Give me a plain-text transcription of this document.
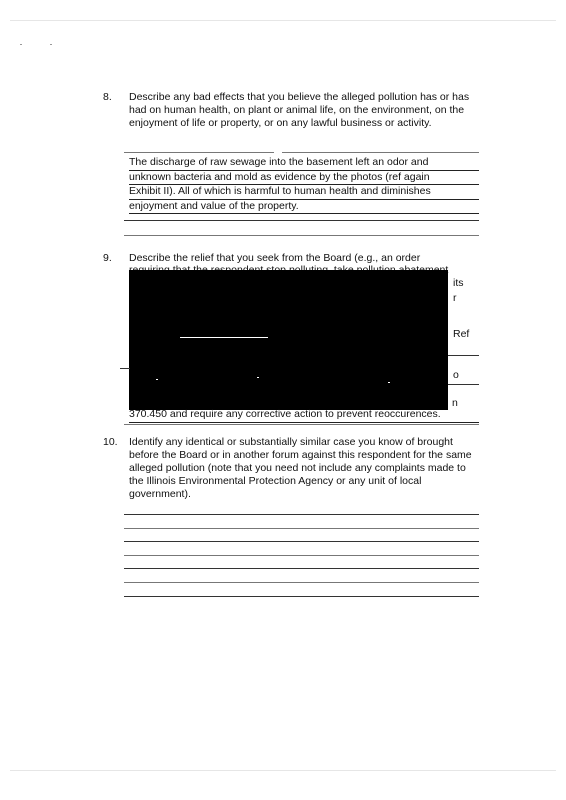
8. Describe any bad effects that you believe the alleged pollution has or has had on human health, on plant or animal life, on the environment, on the enjoyment of life or property, or on any lawful business or activity.
The discharge of raw sewage into the basement left an odor and
unknown bacteria and mold as evidence by the photos (ref again
Exhibit II). All of which is harmful to human health and diminishes
enjoyment and value of the property.
9. Describe the relief that you seek from the Board (e.g., an order
its
r
Ref
o
n
370.450 and require any corrective action to prevent reoccurences.
10. Identify any identical or substantially similar case you know of brought before the Board or in another forum against this respondent for the same alleged pollution (note that you need not include any complaints made to the Illinois Environmental Protection Agency or any unit of local government).
